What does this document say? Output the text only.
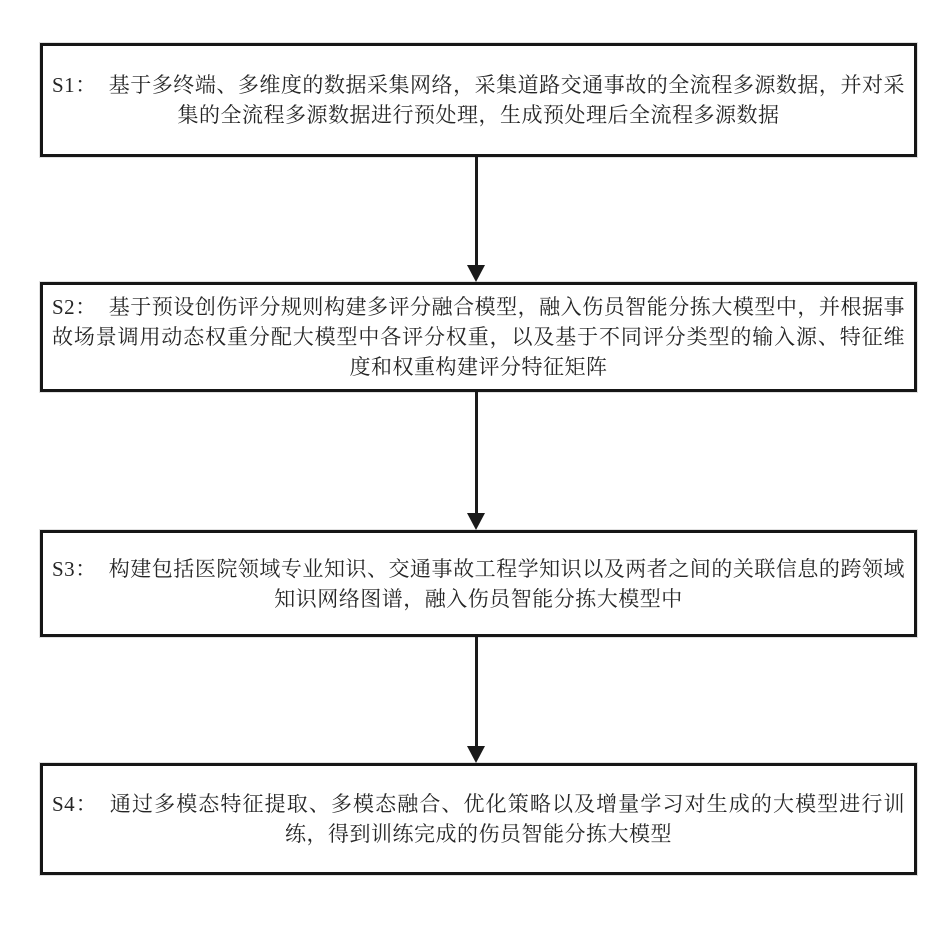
S1： 基于多终端、多维度的数据采集网络，采集道路交通事故的全流程多源数据，并对采集的全流程多源数据进行预处理，生成预处理后全流程多源数据

S2： 基于预设创伤评分规则构建多评分融合模型，融入伤员智能分拣大模型中，并根据事故场景调用动态权重分配大模型中各评分权重，以及基于不同评分类型的输入源、特征维度和权重构建评分特征矩阵

S3： 构建包括医院领域专业知识、交通事故工程学知识以及两者之间的关联信息的跨领域知识网络图谱，融入伤员智能分拣大模型中

S4： 通过多模态特征提取、多模态融合、优化策略以及增量学习对生成的大模型进行训练，得到训练完成的伤员智能分拣大模型
